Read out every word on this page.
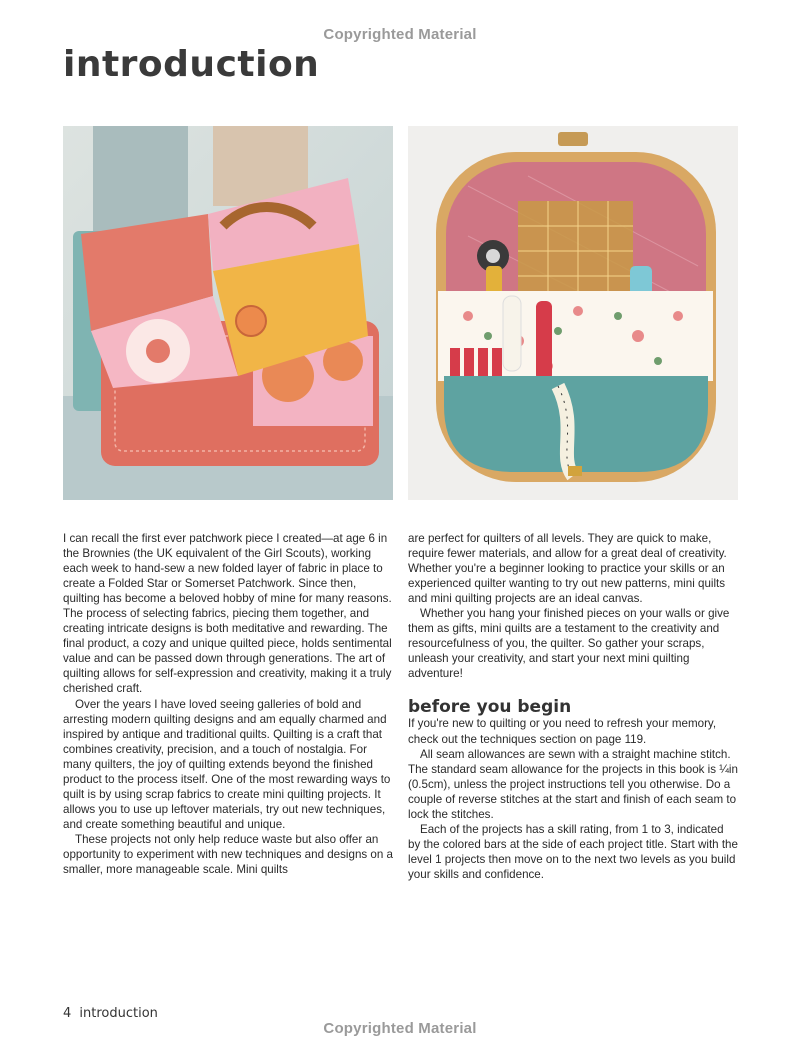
Copyrighted Material
introduction

I can recall the first ever patchwork piece I created—at age 6 in the Brownies (the UK equivalent of the Girl Scouts), working each week to hand-sew a new folded layer of fabric in place to create a Folded Star or Somerset Patchwork. Since then, quilting has become a beloved hobby of mine for many reasons. The process of selecting fabrics, piecing them together, and creating intricate designs is both meditative and rewarding. The final product, a cozy and unique quilted piece, holds sentimental value and can be passed down through generations. The art of quilting allows for self-expression and creativity, making it a truly cherished craft.

Over the years I have loved seeing galleries of bold and arresting modern quilting designs and am equally charmed and inspired by antique and traditional quilts. Quilting is a craft that combines creativity, precision, and a touch of nostalgia. For many quilters, the joy of quilting extends beyond the finished product to the process itself. One of the most rewarding ways to quilt is by using scrap fabrics to create mini quilting projects. It allows you to use up leftover materials, try out new techniques, and create something beautiful and unique.

These projects not only help reduce waste but also offer an opportunity to experiment with new techniques and designs on a smaller, more manageable scale. Mini quilts

are perfect for quilters of all levels. They are quick to make, require fewer materials, and allow for a great deal of creativity. Whether you're a beginner looking to practice your skills or an experienced quilter wanting to try out new patterns, mini quilts and mini quilting projects are an ideal canvas.

Whether you hang your finished pieces on your walls or give them as gifts, mini quilts are a testament to the creativity and resourcefulness of you, the quilter. So gather your scraps, unleash your creativity, and start your next mini quilting adventure!

before you begin

If you're new to quilting or you need to refresh your memory, check out the techniques section on page 119.

All seam allowances are sewn with a straight machine stitch. The standard seam allowance for the projects in this book is ¼in (0.5cm), unless the project instructions tell you otherwise. Do a couple of reverse stitches at the start and finish of each seam to lock the stitches.

Each of the projects has a skill rating, from 1 to 3, indicated by the colored bars at the side of each project title. Start with the level 1 projects then move on to the next two levels as you build your skills and confidence.

4 introduction
Copyrighted Material
